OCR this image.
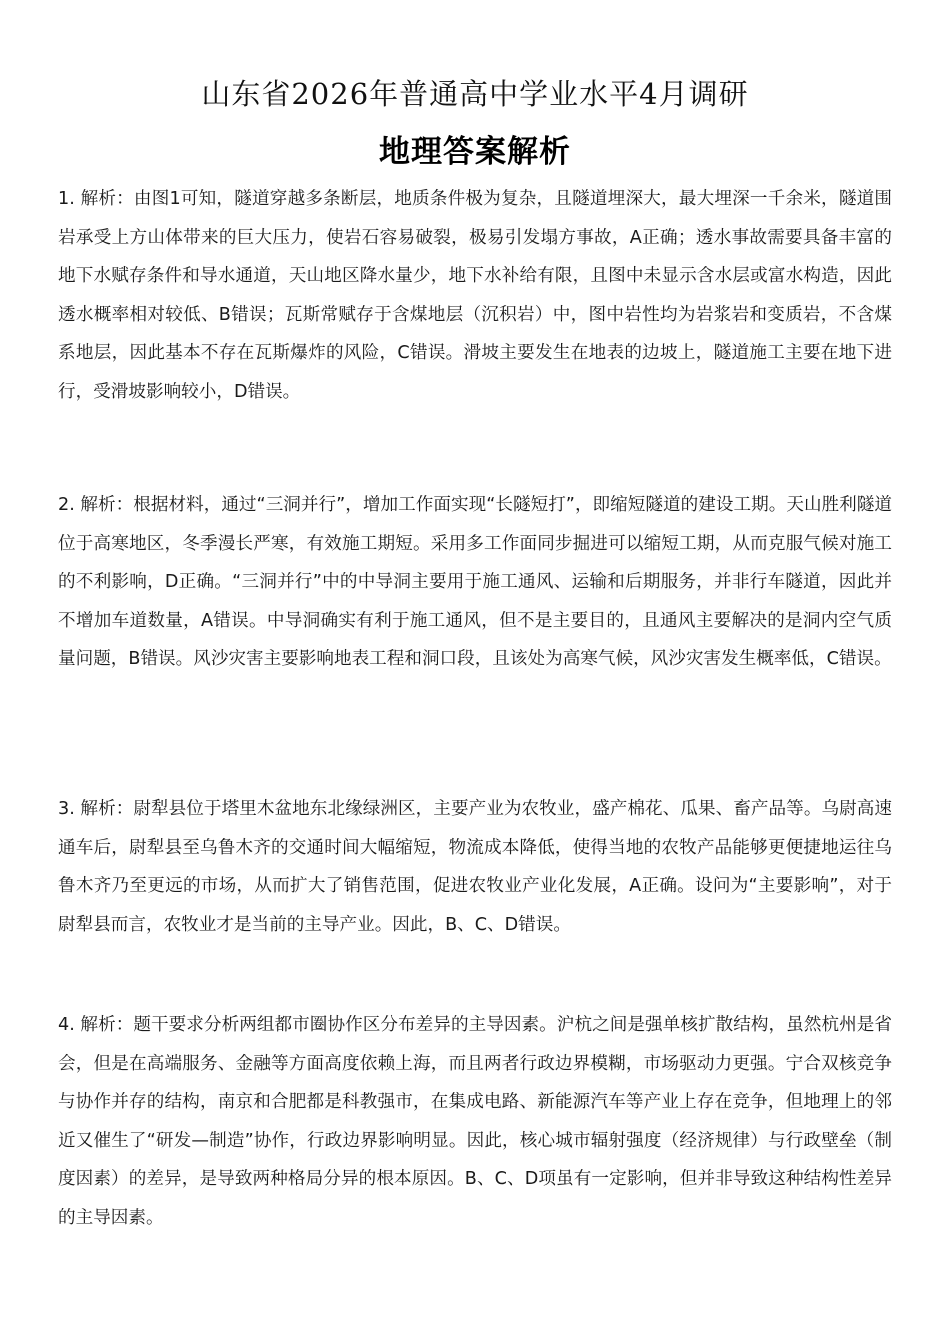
山东省2026年普通高中学业水平4月调研
地理答案解析

1. 解析：由图1可知，隧道穿越多条断层，地质条件极为复杂，且隧道埋深大，最大埋深一千余米，隧道围岩承受上方山体带来的巨大压力，使岩石容易破裂，极易引发塌方事故，A正确；透水事故需要具备丰富的地下水赋存条件和导水通道，天山地区降水量少，地下水补给有限，且图中未显示含水层或富水构造，因此透水概率相对较低、B错误；瓦斯常赋存于含煤地层（沉积岩）中，图中岩性均为岩浆岩和变质岩，不含煤系地层，因此基本不存在瓦斯爆炸的风险，C错误。滑坡主要发生在地表的边坡上，隧道施工主要在地下进行，受滑坡影响较小，D错误。

2. 解析：根据材料，通过“三洞并行”，增加工作面实现“长隧短打”，即缩短隧道的建设工期。天山胜利隧道位于高寒地区，冬季漫长严寒，有效施工期短。采用多工作面同步掘进可以缩短工期，从而克服气候对施工的不利影响，D正确。“三洞并行”中的中导洞主要用于施工通风、运输和后期服务，并非行车隧道，因此并不增加车道数量，A错误。中导洞确实有利于施工通风，但不是主要目的，且通风主要解决的是洞内空气质量问题，B错误。风沙灾害主要影响地表工程和洞口段，且该处为高寒气候，风沙灾害发生概率低，C错误。

3. 解析：尉犁县位于塔里木盆地东北缘绿洲区，主要产业为农牧业，盛产棉花、瓜果、畜产品等。乌尉高速通车后，尉犁县至乌鲁木齐的交通时间大幅缩短，物流成本降低，使得当地的农牧产品能够更便捷地运往乌鲁木齐乃至更远的市场，从而扩大了销售范围，促进农牧业产业化发展，A正确。设问为“主要影响”，对于尉犁县而言，农牧业才是当前的主导产业。因此，B、C、D错误。

4. 解析：题干要求分析两组都市圈协作区分布差异的主导因素。沪杭之间是强单核扩散结构，虽然杭州是省会，但是在高端服务、金融等方面高度依赖上海，而且两者行政边界模糊，市场驱动力更强。宁合双核竞争与协作并存的结构，南京和合肥都是科教强市，在集成电路、新能源汽车等产业上存在竞争，但地理上的邻近又催生了“研发—制造”协作，行政边界影响明显。因此，核心城市辐射强度（经济规律）与行政壁垒（制度因素）的差异，是导致两种格局分异的根本原因。B、C、D项虽有一定影响，但并非导致这种结构性差异的主导因素。
